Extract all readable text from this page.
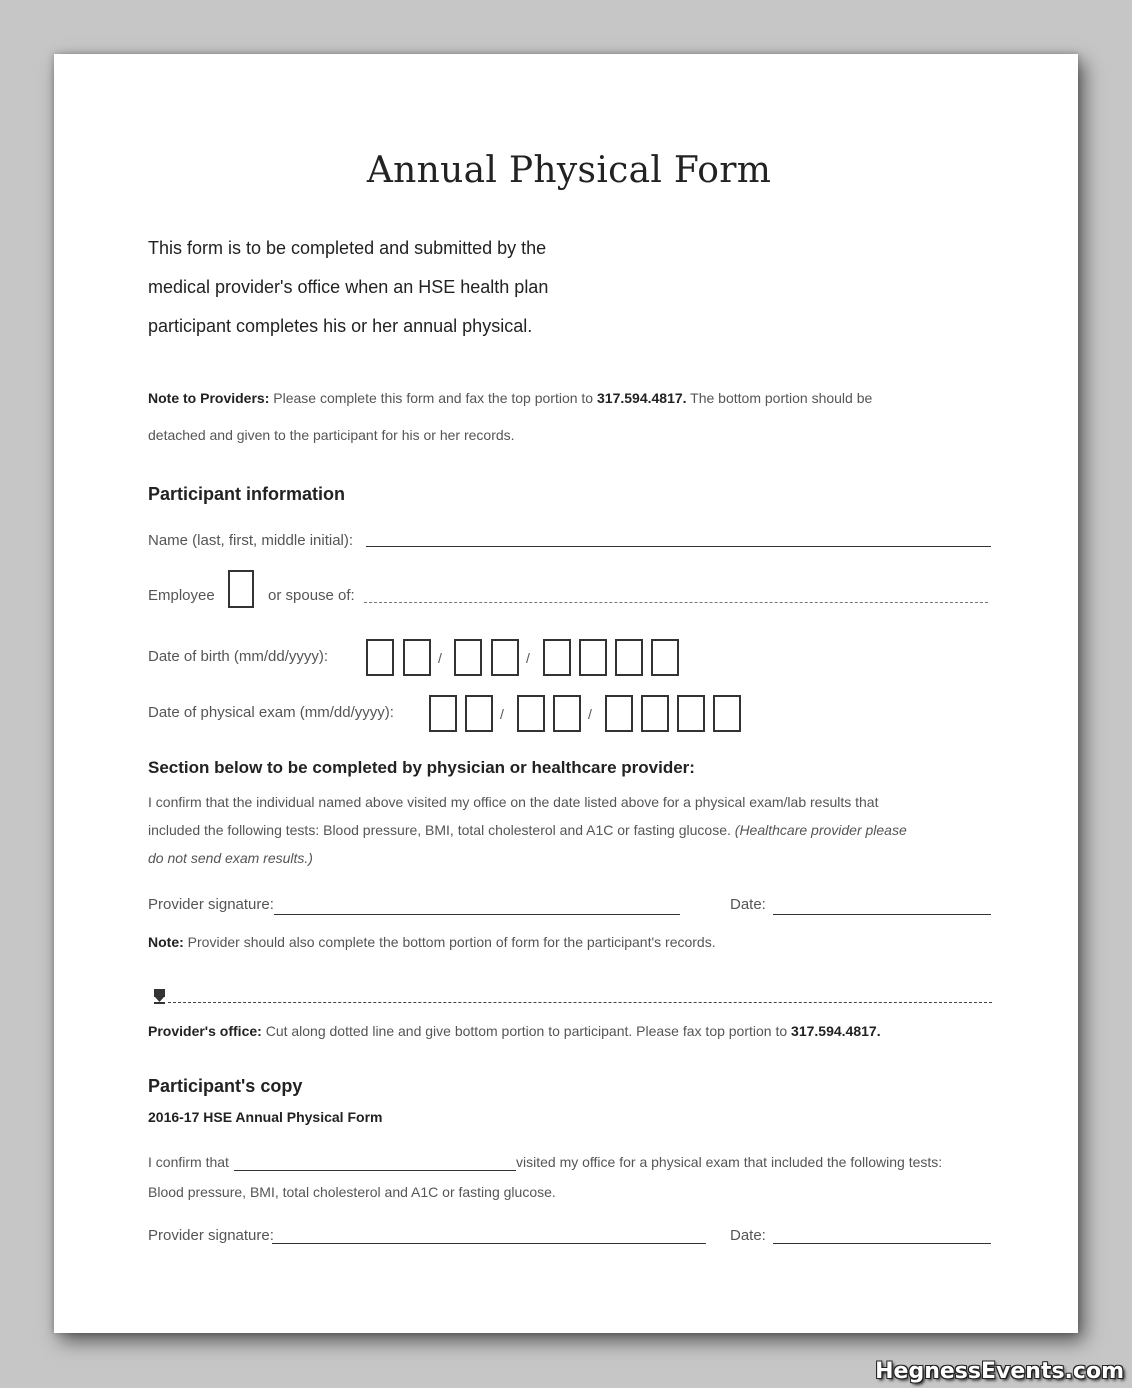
Annual Physical Form
This form is to be completed and submitted by the
medical provider's office when an HSE health plan
participant completes his or her annual physical.
Note to Providers: Please complete this form and fax the top portion to 317.594.4817. The bottom portion should be
detached and given to the participant for his or her records.
Participant information
Name (last, first, middle initial):
Employee	or spouse of:
Date of birth (mm/dd/yyyy):	/	/
Date of physical exam (mm/dd/yyyy):	/	/
Section below to be completed by physician or healthcare provider:
I confirm that the individual named above visited my office on the date listed above for a physical exam/lab results that
included the following tests: Blood pressure, BMI, total cholesterol and A1C or fasting glucose. (Healthcare provider please
do not send exam results.)
Provider signature:	Date:
Note: Provider should also complete the bottom portion of form for the participant's records.
Provider's office: Cut along dotted line and give bottom portion to participant. Please fax top portion to 317.594.4817.
Participant's copy
2016-17 HSE Annual Physical Form
I confirm that	visited my office for a physical exam that included the following tests:
Blood pressure, BMI, total cholesterol and A1C or fasting glucose.
Provider signature:	Date:
HegnessEvents.com
